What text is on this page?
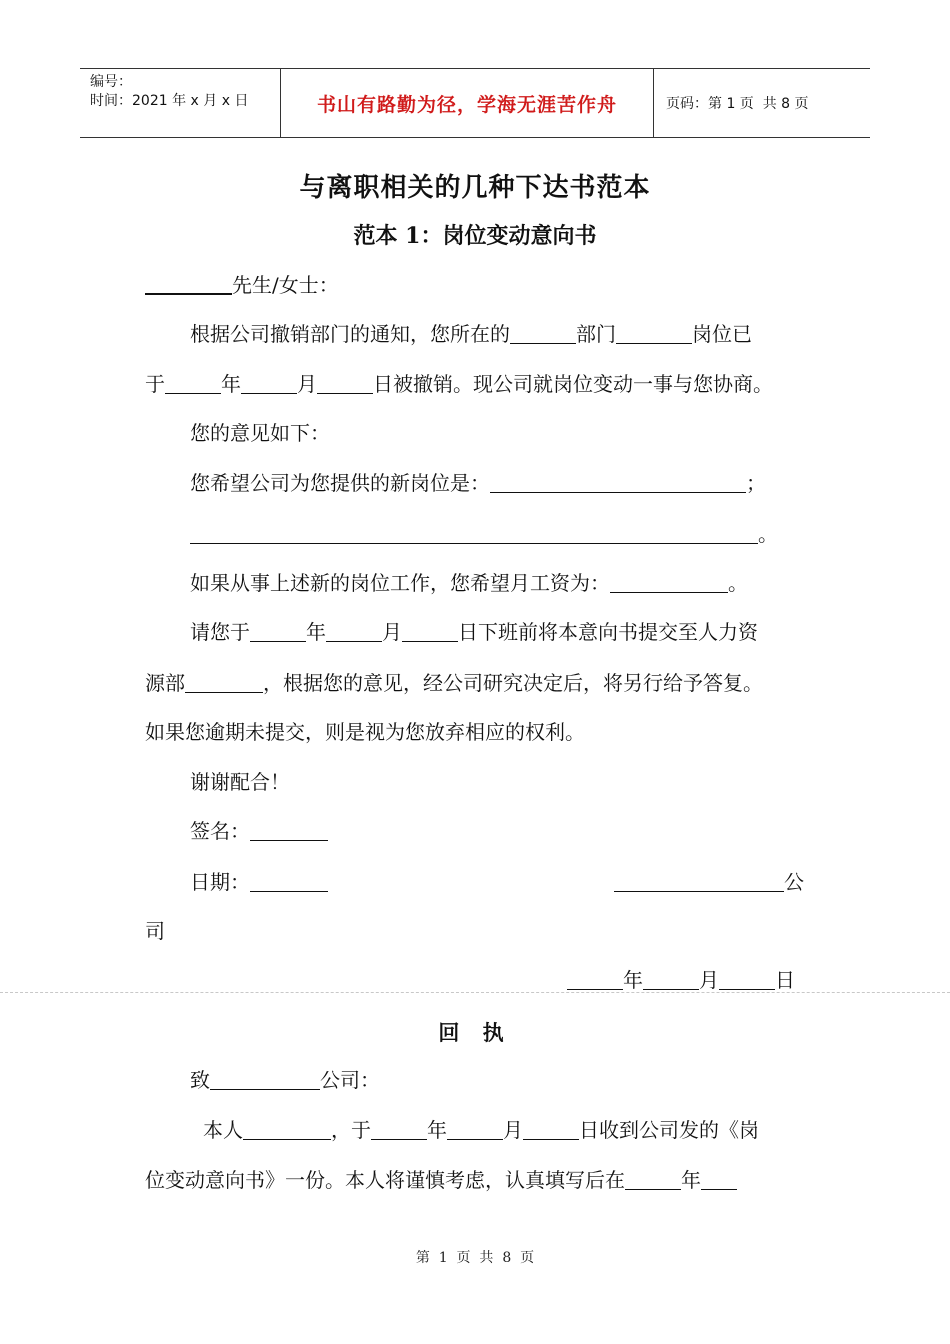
编号：
时间：2021 年 x 月 x 日	书山有路勤为径，学海无涯苦作舟	页码：第 1 页  共 8 页
与离职相关的几种下达书范本
范本 1：岗位变动意向书
先生/女士：
根据公司撤销部门的通知，您所在的	部门	岗位已
于	年	月	日被撤销。现公司就岗位变动一事与您协商。
您的意见如下：
您希望公司为您提供的新岗位是：	；
。
如果从事上述新的岗位工作，您希望月工资为：	。
请您于	年	月	日下班前将本意向书提交至人力资
源部	，根据您的意见，经公司研究决定后，将另行给予答复。
如果您逾期未提交，则是视为您放弃相应的权利。
谢谢配合！
签名：
日期：	公
司
年	月	日
回 执
致	公司：
本人	，于	年	月	日收到公司发的《岗
位变动意向书》一份。本人将谨慎考虑，认真填写后在	年
第  1  页  共  8  页
